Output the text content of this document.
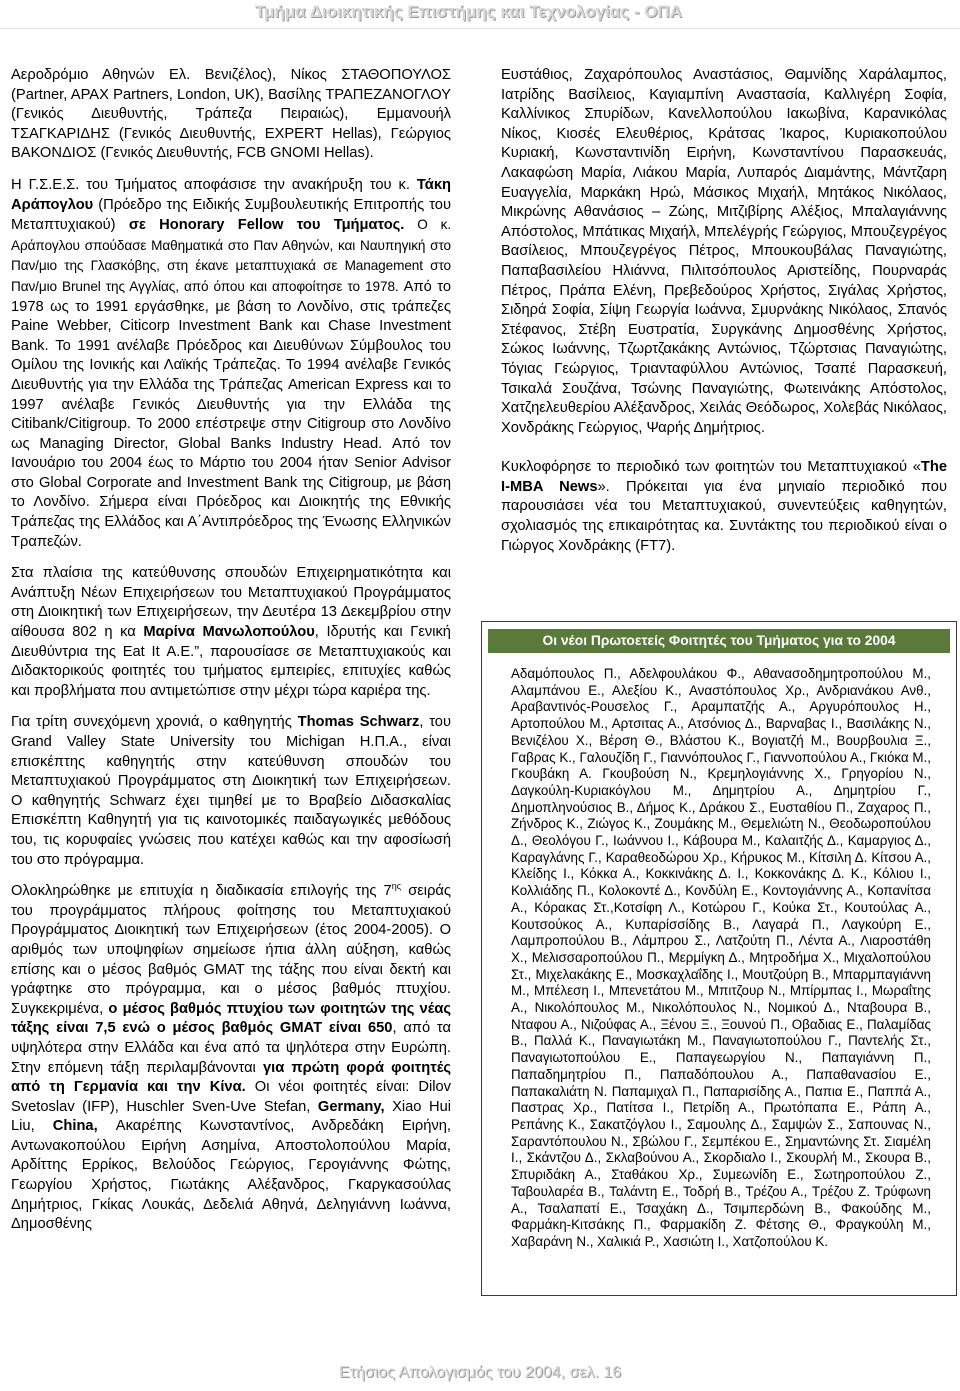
Τμήμα Διοικητικής Επιστήμης και Τεχνολογίας - ΟΠΑ

Αεροδρόμιο Αθηνών Ελ. Βενιζέλος), Νίκος ΣΤΑΘΟΠΟΥΛΟΣ (Partner, APAX Partners, London, UK), Βασίλης ΤΡΑΠΕΖΑΝΟΓΛΟΥ (Γενικός Διευθυντής, Τράπεζα Πειραιώς), Εμμανουήλ ΤΣΑΓΚΑΡΙΔΗΣ (Γενικός Διευθυντής, EXPERT Hellas), Γεώργιος ΒΑΚΟΝΔΙΟΣ (Γενικός Διευθυντής, FCB GNOMI Hellas).

Η Γ.Σ.Ε.Σ. του Τμήματος αποφάσισε την ανακήρυξη του κ. Τάκη Αράπογλου (Πρόεδρο της Ειδικής Συμβουλευτικής Επιτροπής του Μεταπτυχιακού) σε Honorary Fellow του Τμήματος. Ο κ. Αράπογλου σπούδασε Μαθηματικά στο Παν Αθηνών, και Ναυπηγική στο Παν/μιο της Γλασκόβης, στη έκανε μεταπτυχιακά σε Management στο Παν/μιο Brunel της Αγγλίας, από όπου και αποφοίτησε το 1978. Από το 1978 ως το 1991 εργάσθηκε, με βάση το Λονδίνο, στις τράπεζες Paine Webber, Citicorp Investment Bank και Chase Investment Bank. Το 1991 ανέλαβε Πρόεδρος και Διευθύνων Σύμβουλος του Ομίλου της Ιονικής και Λαϊκής Τράπεζας. Το 1994 ανέλαβε Γενικός Διευθυντής για την Ελλάδα της Τράπεζας American Express και το 1997 ανέλαβε Γενικός Διευθυντής για την Ελλάδα της Citibank/Citigroup. Το 2000 επέστρεψε στην Citigroup στο Λονδίνο ως Managing Director, Global Banks Industry Head. Από τον Ιανουάριο του 2004 έως το Μάρτιο του 2004 ήταν Senior Advisor στο Global Corporate and Investment Bank της Citigroup, με βάση το Λονδίνο. Σήμερα είναι Πρόεδρος και Διοικητής της Εθνικής Τράπεζας της Ελλάδος και Α΄Αντιπρόεδρος της Ένωσης Ελληνικών Τραπεζών.

Στα πλαίσια της κατεύθυνσης σπουδών Επιχειρηματικότητα και Ανάπτυξη Νέων Επιχειρήσεων του Μεταπτυχιακού Προγράμματος στη Διοικητική των Επιχειρήσεων, την Δευτέρα 13 Δεκεμβρίου στην αίθουσα 802 η κα Μαρίνα Μανωλοπούλου, Ιδρυτής και Γενική Διευθύντρια της Eat It Α.Ε.”, παρουσίασε σε Μεταπτυχιακούς και Διδακτορικούς φοιτητές του τμήματος εμπειρίες, επιτυχίες καθώς και προβλήματα που αντιμετώπισε στην μέχρι τώρα καριέρα της.

Για τρίτη συνεχόμενη χρονιά, ο καθηγητής Thomas Schwarz, του Grand Valley State University του Michigan Η.Π.Α., είναι επισκέπτης καθηγητής στην κατεύθυνση σπουδών του Μεταπτυχιακού Προγράμματος στη Διοικητική των Επιχειρήσεων. Ο καθηγητής Schwarz έχει τιμηθεί με το Βραβείο Διδασκαλίας Επισκέπτη Καθηγητή για τις καινοτομικές παιδαγωγικές μεθόδους του, τις κορυφαίες γνώσεις που κατέχει καθώς και την αφοσίωσή του στο πρόγραμμα.

Ολοκληρώθηκε με επιτυχία η διαδικασία επιλογής της $7^{\eta\varsigma}$ σειράς του προγράμματος πλήρους φοίτησης του Μεταπτυχιακού Προγράμματος Διοικητική των Επιχειρήσεων (έτος 2004-2005). Ο αριθμός των υποψηφίων σημείωσε ήπια άλλη αύξηση, καθώς επίσης και ο μέσος βαθμός GMAT της τάξης που είναι δεκτή και γράφτηκε στο πρόγραμμα, και ο μέσος βαθμός πτυχίου. Συγκεκριμένα, ο μέσος βαθμός πτυχίου των φοιτητών της νέας τάξης είναι 7,5 ενώ ο μέσος βαθμός GMAT είναι 650, από τα υψηλότερα στην Ελλάδα και ένα από τα ψηλότερα στην Ευρώπη. Στην επόμενη τάξη περιλαμβάνονται για πρώτη φορά φοιτητές από τη Γερμανία και την Κίνα. Οι νέοι φοιτητές είναι: Dilov Svetoslav (IFP), Huschler Sven-Uve Stefan, Germany, Xiao Hui Liu, China, Ακαρέπης Κωνσταντίνος, Ανδρεδάκη Ειρήνη, Αντωνακοπούλου Ειρήνη Ασημίνα, Αποστολοπούλου Μαρία, Αρδίττης Ερρίκος, Βελούδος Γεώργιος, Γερογιάννης Φώτης, Γεωργίου Χρήστος, Γιωτάκης Αλέξανδρος, Γκαργκασούλας Δημήτριος, Γκίκας Λουκάς, Δεδελιά Αθηνά, Δεληγιάννη Ιωάννα, Δημοσθένης

Ευστάθιος, Ζαχαρόπουλος Αναστάσιος, Θαμνίδης Χαράλαμπος, Ιατρίδης Βασίλειος, Καγιαμπίνη Αναστασία, Καλλιγέρη Σοφία, Καλλίνικος Σπυρίδων, Κανελλοπούλου Ιακωβίνα, Καρανικόλας Νίκος, Κιοσές Ελευθέριος, Κράτσας Ίκαρος, Κυριακοπούλου Κυριακή, Κωνσταντινίδη Ειρήνη, Κωνσταντίνου Παρασκευάς, Λακαφώση Μαρία, Λιάκου Μαρία, Λυπαρός Διαμάντης, Μάντζαρη Ευαγγελία, Μαρκάκη Ηρώ, Μάσικος Μιχαήλ, Μητάκος Νικόλαος, Μικρώνης Αθανάσιος – Ζώης, Μιτζιβίρης Αλέξιος, Μπαλαγιάννης Απόστολος, Μπάτικας Μιχαήλ, Μπελέγρής Γεώργιος, Μπουζεγρέγος Βασίλειος, Μπουζεγρέγος Πέτρος, Μπουκουβάλας Παναγιώτης, Παπαβασιλείου Ηλιάννα, Πιλιτσόπουλος Αριστείδης, Πουρναράς Πέτρος, Πράπα Ελένη, Πρεβεδούρος Χρήστος, Σιγάλας Χρήστος, Σιδηρά Σοφία, Σίψη Γεωργία Ιωάννα, Σμυρνάκης Νικόλαος, Σπανός Στέφανος, Στέβη Ευστρατία, Συργκάνης Δημοσθένης Χρήστος, Σώκος Ιωάννης, Τζωρτζακάκης Αντώνιος, Τζώρτσιας Παναγιώτης, Τόγιας Γεώργιος, Τριανταφύλλου Αντώνιος, Τσαπέ Παρασκευή, Τσικαλά Σουζάνα, Τσώνης Παναγιώτης, Φωτεινάκης Απόστολος, Χατζηελευθερίου Αλέξανδρος, Χειλάς Θεόδωρος, Χολεβάς Νικόλαος, Χονδράκης Γεώργιος, Ψαρής Δημήτριος.

Κυκλοφόρησε το περιοδικό των φοιτητών του Μεταπτυχιακού «The I-MBA News». Πρόκειται για ένα μηνιαίο περιοδικό που παρουσιάσει νέα του Μεταπτυχιακού, συνεντεύξεις καθηγητών, σχολιασμός της επικαιρότητας κα. Συντάκτης του περιοδικού είναι ο Γιώργος Χονδράκης (FT7).

Οι νέοι Πρωτοετείς Φοιτητές του Τμήματος για το 2004
Αδαμόπουλος Π., Αδελφουλάκου Φ., Αθανασοδημητροπούλου Μ., Αλαμπάνου Ε., Αλεξίου Κ., Αναστόπουλος Χρ., Ανδριανάκου Ανθ., Αραβαντινός-Ρουσελος Γ., Αραμπατζής Α., Αργυρόπουλος Η., Αρτοπούλου Μ., Αρτσιτας Α., Ατσόνιος Δ., Βαρναβας Ι., Βασιλάκης Ν., Βενιζέλου Χ., Βέρση Θ., Βλάστου Κ., Βογιατζή Μ., Βουρβουλια Ξ., Γαβρας Κ., Γαλουζίδη Γ., Γιαννόπουλος Γ., Γιαννοπούλου Α., Γκιόκα Μ., Γκουβάκη Α. Γκουβούση Ν., Κρεμηλογιάννης Χ., Γρηγορίου Ν., Δαγκούλη-Κυριακόγλου Μ., Δημητρίου Α., Δημητρίου Γ., Δημοπληνούσιος Β., Δήμος Κ., Δράκου Σ., Ευσταθίου Π., Ζαχαρος Π., Ζήνδρος Κ., Ζιώγος Κ., Ζουμάκης Μ., Θεμελιώτη Ν., Θεοδωροπούλου Δ., Θεολόγου Γ., Ιωάννου Ι., Κάβουρα Μ., Καλαιτζής Δ., Καμαργιος Δ., Καραγλάνης Γ., Καραθεοδώρου Χρ., Κήρυκος Μ., Κίτσιλη Δ. Κίτσου Α., Κλείδης Ι., Κόκκα Α., Κοκκινάκης Δ. Ι., Κοκκονάκης Δ. Κ., Κόλιου Ι., Κολλιάδης Π., Κολοκοντέ Δ., Κονδύλη Ε., Κοντογιάννης Α., Κοπανίτσα Α., Κόρακας Στ.,Κοτσίφη Λ., Κοτώρου Γ., Κούκα Στ., Κουτούλας Α., Κουτσούκος Α., Κυπαρίσσίδης Β., Λαγαρά Π., Λαγκούρη Ε., Λαμπροπούλου Β., Λάμπρου Σ., Λατζούτη Π., Λέντα Α., Λιαροστάθη Χ., Μελισσαροπούλου Π., Μερμίγκη Δ., Μητροδήμα Χ., Μιχαλοπούλου Στ., Μιχελακάκης Ε., Μοσκαχλαΐδης Ι., Μουτζούρη Β., Μπαρμπαγιάννη Μ., Μπέλεση Ι., Μπενετάτου Μ., Μπιτζουρ Ν., Μπίρμπας Ι., Μωραΐτης Α., Νικολόπουλος Μ., Νικολόπουλος Ν., Νομικού Δ., Νταβουρα Β., Νταφου Α., Νιζούφας Α., Ξένου Ξ., Ξουνού Π., Οβαδιας Ε., Παλαμίδας Β., Παλλά Κ., Παναγιωτάκη Μ., Παναγιωτοπούλου Γ., Παντελής Στ., Παναγιωτοπούλου Ε., Παπαγεωργίου Ν., Παπαγιάννη Π., Παπαδημητρίου Π., Παπαδόπουλου Α., Παπαθανασίου Ε., Παπακαλιάτη Ν. Παπαμιχαλ Π., Παπαρισίδης Α., Παπια Ε., Παππά Α., Παστρας Χρ., Πατίτσα Ι., Πετρίδη Α., Πρωτόπαπα Ε., Ράπη Α., Ρεπάνης Κ., Σακατζόγλου Ι., Σαμουλης Δ., Σαμψών Σ., Σαπουνας Ν., Σαραντόπουλου Ν., Σβώλου Γ., Σεμπέκου Ε., Σημαντώνης Στ. Σιαμέλη Ι., Σκάντζου Δ., Σκλαβούνου Α., Σκορδιαλο Ι., Σκουρλή Μ., Σκουρα Β., Σπυριδάκη Α., Σταθάκου Χρ., Συμεωνίδη Ε., Σωτηροπούλου Ζ., Ταβουλαρέα Β., Ταλάντη Ε., Τοδρή Β., Τρέζου Α., Τρέζου Ζ. Τρύφωνη Α., Τσαλαπατί Ε., Τσαχάκη Δ., Τσιμπερδώνη Β., Φακούδης Μ., Φαρμάκη-Κιτσάκης Π., Φαρμακίδη Ζ. Φέτσης Θ., Φραγκούλη Μ., Χαβαράνη Ν., Χαλικιά Ρ., Χασιώτη Ι., Χατζοπούλου Κ.
Ετήσιος Απολογισμός του 2004, σελ. 16
